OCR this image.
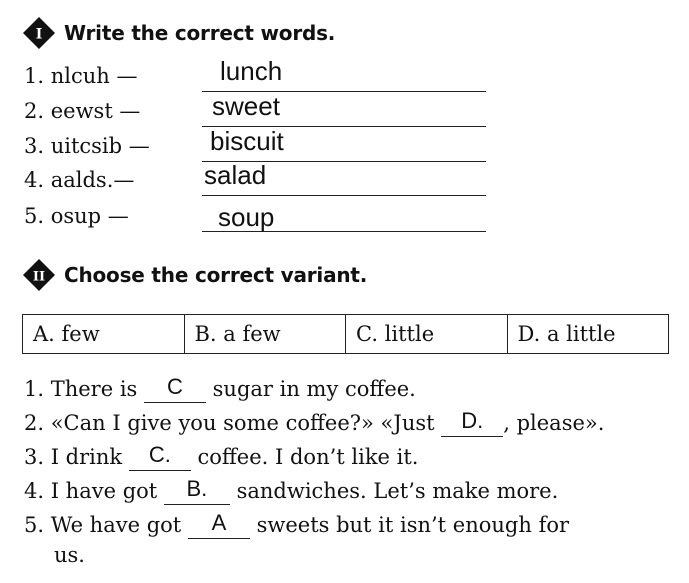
I Write the correct words.
1. nlcuh —	lunch
2. eewst —	sweet
3. uitcsib — biscuit
4. aalds.—	salad
5. osup —	soup
II Choose the correct variant.
A. few	B. a few	C. little	D. a little
1. There is C sugar in my coffee.
2. «Can I give you some coffee?» «Just D. , please».
3. I drink C. coffee. I don’t like it.
4. I have got B. sandwiches. Let’s make more.
5. We have got A sweets but it isn’t enough for
us.
